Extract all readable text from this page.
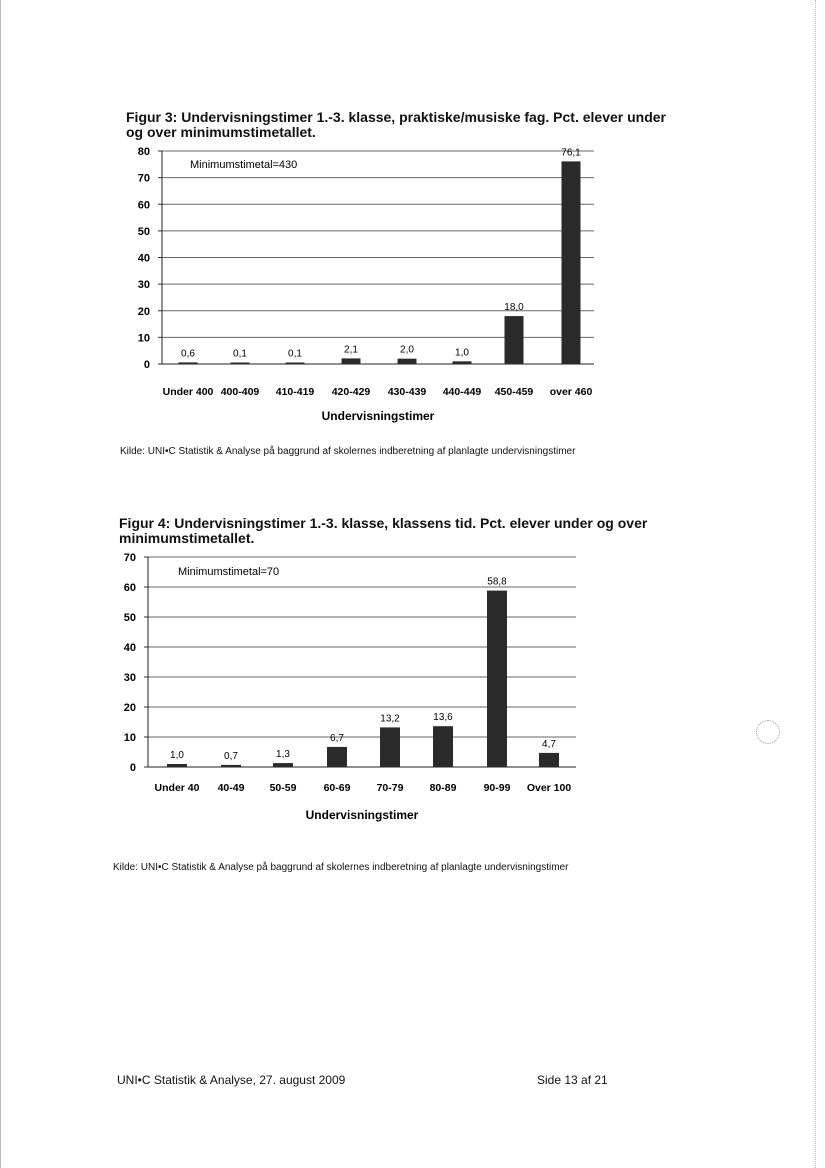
Figur 3: Undervisningstimer 1.-3. klasse, praktiske/musiske fag. Pct. elever under og over minimumstimetallet.

0
10
20
30
40
50
60
70
80
Minimumstimetal=430
0,6
Under 400
0,1
400-409
0,1
410-419
2,1
420-429
2,0
430-439
1,0
440-449
18,0
450-459
76,1
over 460
Undervisningstimer
Kilde: UNI•C Statistik & Analyse på baggrund af skolernes indberetning af planlagte undervisningstimer

Figur 4: Undervisningstimer 1.-3. klasse, klassens tid. Pct. elever under og over minimumstimetallet.

0
10
20
30
40
50
60
70
Minimumstimetal=70
1,0
Under 40
0,7
40-49
1,3
50-59
6,7
60-69
13,2
70-79
13,6
80-89
58,8
90-99
4,7
Over 100
Undervisningstimer
Kilde: UNI•C Statistik & Analyse på baggrund af skolernes indberetning af planlagte undervisningstimer
UNI•C Statistik & Analyse, 27. august 2009	Side 13 af 21
